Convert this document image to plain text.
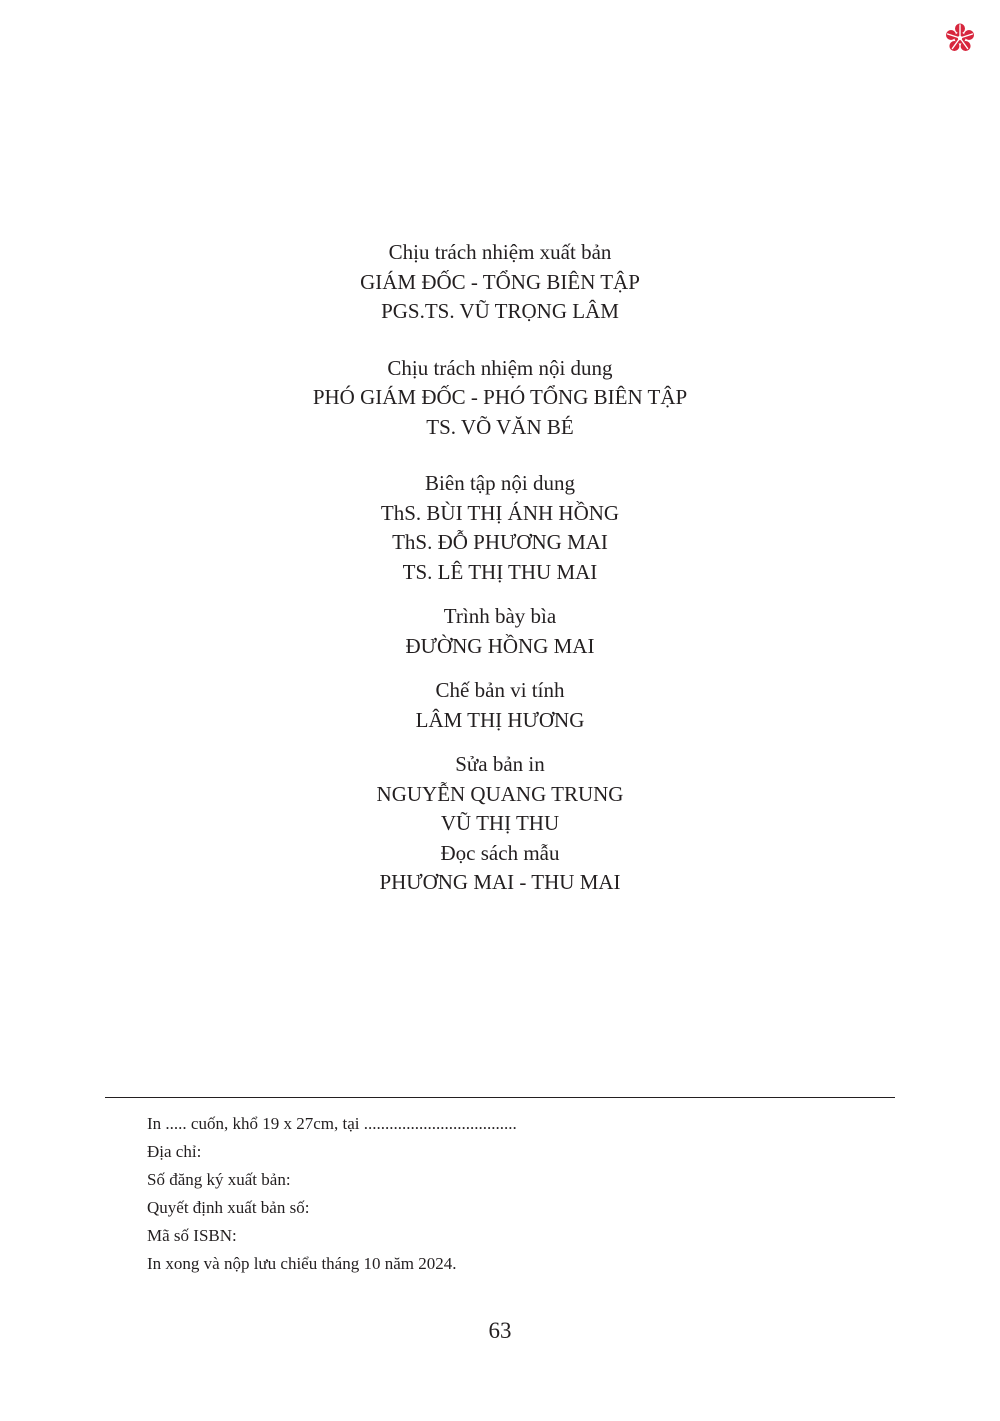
Chịu trách nhiệm xuất bản
GIÁM ĐỐC - TỔNG BIÊN TẬP
PGS.TS. VŨ TRỌNG LÂM
Chịu trách nhiệm nội dung
PHÓ GIÁM ĐỐC - PHÓ TỔNG BIÊN TẬP
TS. VÕ VĂN BÉ
Biên tập nội dung
ThS. BÙI THỊ ÁNH HỒNG
ThS. ĐỖ PHƯƠNG MAI
TS. LÊ THỊ THU MAI
Trình bày bìa
ĐƯỜNG HỒNG MAI
Chế bản vi tính
LÂM THỊ HƯƠNG
Sửa bản in
NGUYỄN QUANG TRUNG
VŨ THỊ THU
Đọc sách mẫu
PHƯƠNG MAI - THU MAI
In ..... cuốn, khổ 19 x 27cm, tại ....................................
Địa chỉ:
Số đăng ký xuất bản:
Quyết định xuất bản số:
Mã số ISBN:
In xong và nộp lưu chiểu tháng 10 năm 2024.
63
